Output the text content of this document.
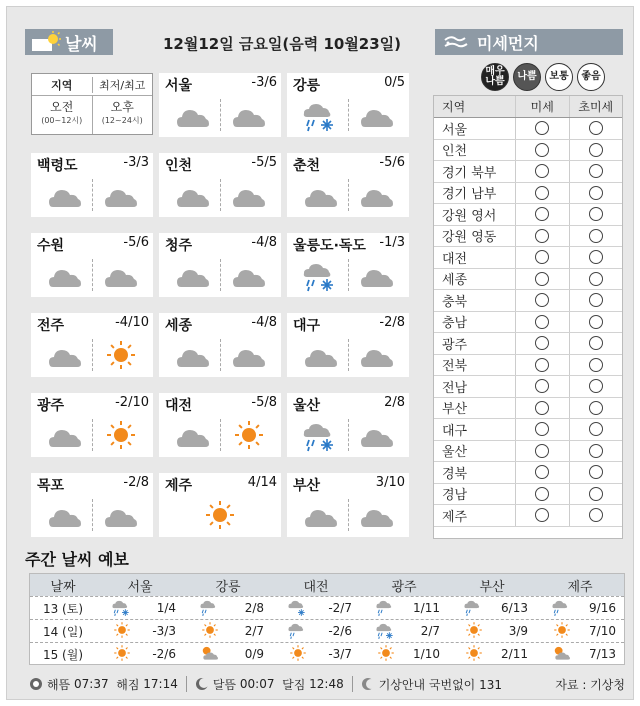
날씨	12월12일 금요일(음력 10월23일)	미세먼지
지역	최저/최고
오전
(00~12시)
오후
(12~24시)
서울	-3/6 강릉	0/5
백령도	-3/3 인천	-5/5 춘천	-5/6
수원	-5/6 청주	-4/8 울릉도·독도 -1/3
전주	-4/10 세종	-4/8 대구	-2/8
광주	-2/10 대전	-5/8 울산	2/8
목포	-2/8 제주	4/14 부산	3/10
매우
나쁨	나쁨	보통	좋음
지역	미세	초미세
서울
인천
경기 북부
경기 남부
강원 영서
강원 영동
대전
세종
충북
충남
광주
전북
전남
부산
대구
울산
경북
경남
제주
주간 날씨 예보
날짜	서울	강릉	대전	광주	부산	제주
13 (토)	1/4	2/8	-2/7	1/11	6/13	9/16
14 (일)	-3/3	2/7	-2/6	2/7	3/9	7/10
15 (월)	-2/6	0/9	-3/7	1/10	2/11	7/13
해뜸
07:37
해짐
17:14	달뜸
00:07
달짐
12:48	기상안내 국번없이 131	자료 : 기상청
